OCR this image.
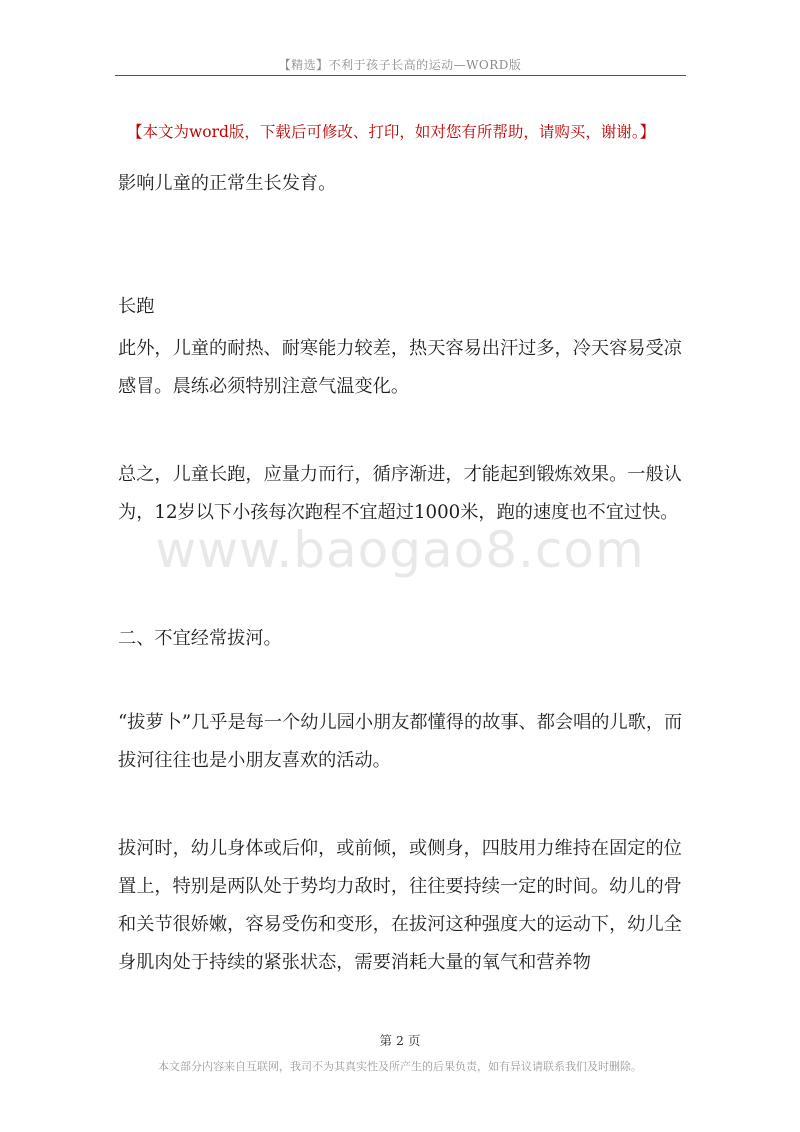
【精选】不利于孩子长高的运动—WORD版
【本文为word版，下载后可修改、打印，如对您有所帮助，请购买，谢谢。】

影响儿童的正常生长发育。

长跑

此外，儿童的耐热、耐寒能力较差，热天容易出汗过多，冷天容易受凉感冒。晨练必须特别注意气温变化。

总之，儿童长跑，应量力而行，循序渐进，才能起到锻炼效果。一般认为，12岁以下小孩每次跑程不宜超过1000米，跑的速度也不宜过快。

二、不宜经常拔河。

“拔萝卜”几乎是每一个幼儿园小朋友都懂得的故事、都会唱的儿歌，而拔河往往也是小朋友喜欢的活动。

拔河时，幼儿身体或后仰，或前倾，或侧身，四肢用力维持在固定的位置上，特别是两队处于势均力敌时，往往要持续一定的时间。幼儿的骨和关节很娇嫩，容易受伤和变形，在拔河这种强度大的运动下，幼儿全身肌肉处于持续的紧张状态，需要消耗大量的氧气和营养物

www.baogao8.com
第 2 页
本文部分内容来自互联网，我司不为其真实性及所产生的后果负责，如有异议请联系我们及时删除。
